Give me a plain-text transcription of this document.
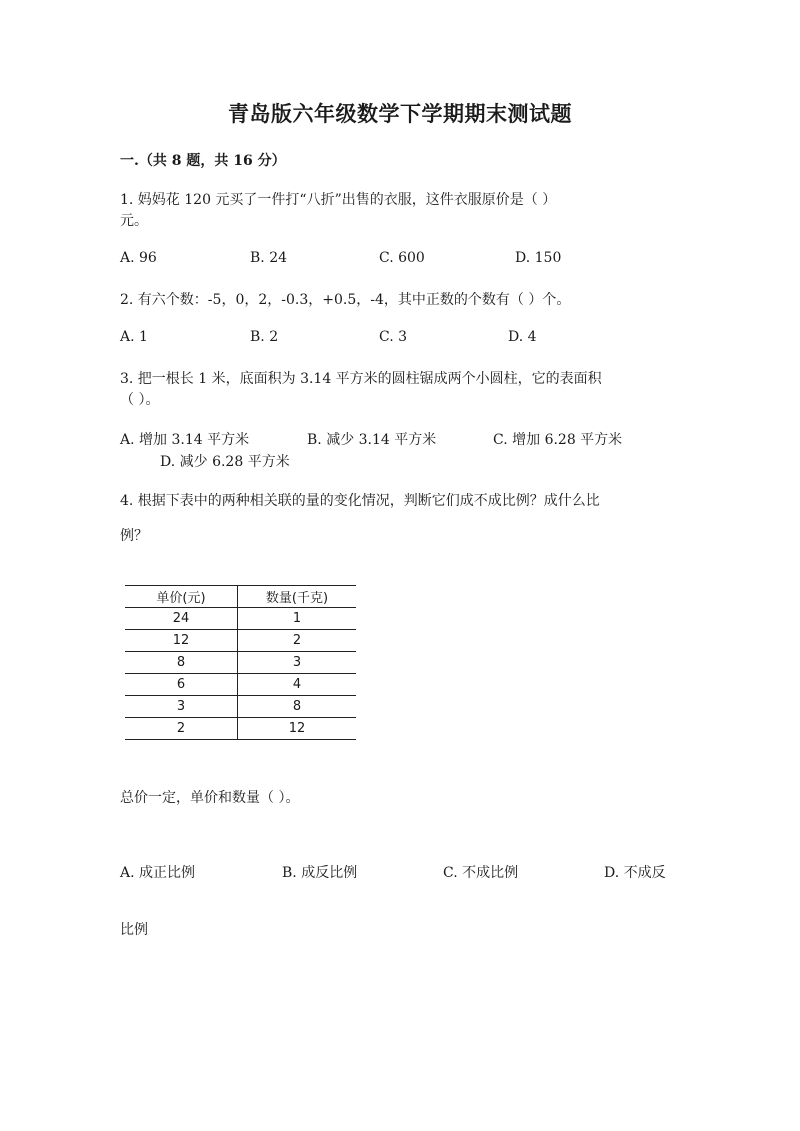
青岛版六年级数学下学期期末测试题
一.（共 8 题，共 16 分）
1. 妈妈花 120 元买了一件打“八折”出售的衣服，这件衣服原价是（ ）
元。
A. 96	B. 24	C. 600	D. 150
2. 有六个数：-5，0，2，-0.3，+0.5，-4，其中正数的个数有（ ）个。
A. 1	B. 2	C. 3	D. 4
3. 把一根长 1 米，底面积为 3.14 平方米的圆柱锯成两个小圆柱，它的表面积
（ ）。
A. 增加 3.14 平方米	B. 减少 3.14 平方米	C. 增加 6.28 平方米
D. 减少 6.28 平方米
4. 根据下表中的两种相关联的量的变化情况，判断它们成不成比例？成什么比
例？
单价(元)	数量(千克)
24	1
12	2
8	3
6	4
3	8
2	12
总价一定，单价和数量（ ）。
A. 成正比例	B. 成反比例	C. 不成比例	D. 不成反
比例
